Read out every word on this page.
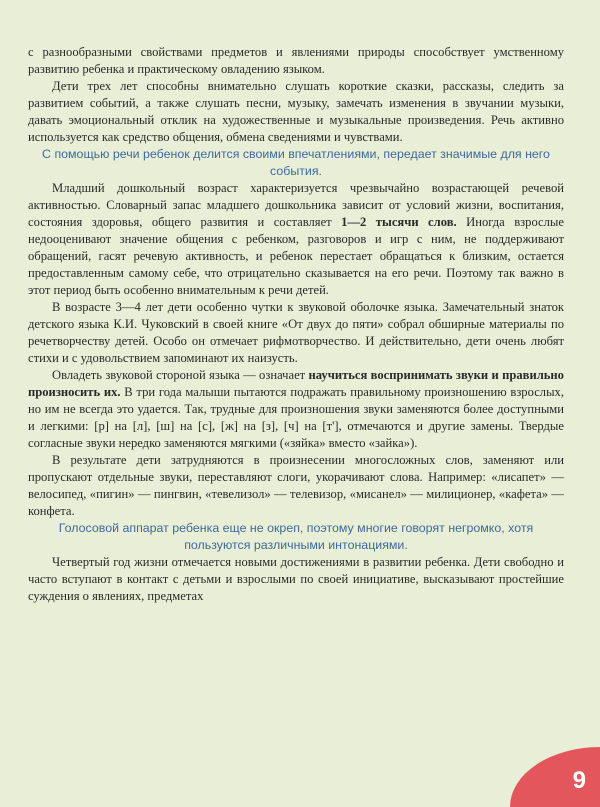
с разнообразными свойствами предметов и явлениями природы способствует умственному развитию ребенка и практическому овладению языком.

Дети трех лет способны внимательно слушать короткие сказки, рассказы, следить за развитием событий, а также слушать песни, музыку, замечать изменения в звучании музыки, давать эмоциональный отклик на художественные и музыкальные произведения. Речь активно используется как средство общения, обмена сведениями и чувствами.

С помощью речи ребенок делится своими впечатлениями, передает значимые для него события.

Младший дошкольный возраст характеризуется чрезвычайно возрастающей речевой активностью. Словарный запас младшего дошкольника зависит от условий жизни, воспитания, состояния здоровья, общего развития и составляет 1—2 тысячи слов. Иногда взрослые недооценивают значение общения с ребенком, разговоров и игр с ним, не поддерживают обращений, гасят речевую активность, и ребенок перестает обращаться к близким, остается предоставленным самому себе, что отрицательно сказывается на его речи. Поэтому так важно в этот период быть особенно внимательным к речи детей.

В возрасте 3—4 лет дети особенно чутки к звуковой оболочке языка. Замечательный знаток детского языка К.И. Чуковский в своей книге «От двух до пяти» собрал обширные материалы по речетворчеству детей. Особо он отмечает рифмотворчество. И действительно, дети очень любят стихи и с удовольствием запоминают их наизусть.

Овладеть звуковой стороной языка — означает научиться воспринимать звуки и правильно произносить их. В три года малыши пытаются подражать правильному произношению взрослых, но им не всегда это удается. Так, трудные для произношения звуки заменяются более доступными и легкими: [р] на [л], [ш] на [с], [ж] на [з], [ч] на [т'], отмечаются и другие замены. Твердые согласные звуки нередко заменяются мягкими («зяйка» вместо «зайка»).

В результате дети затрудняются в произнесении многосложных слов, заменяют или пропускают отдельные звуки, переставляют слоги, укорачивают слова. Например: «лисапет» — велосипед, «пигин» — пингвин, «тевелизол» — телевизор, «мисанел» — милиционер, «кафета» — конфета.

Голосовой аппарат ребенка еще не окреп, поэтому многие говорят негромко, хотя пользуются различными интонациями.

Четвертый год жизни отмечается новыми достижениями в развитии ребенка. Дети свободно и часто вступают в контакт с детьми и взрослыми по своей инициативе, высказывают простейшие суждения о явлениях, предметах

9
